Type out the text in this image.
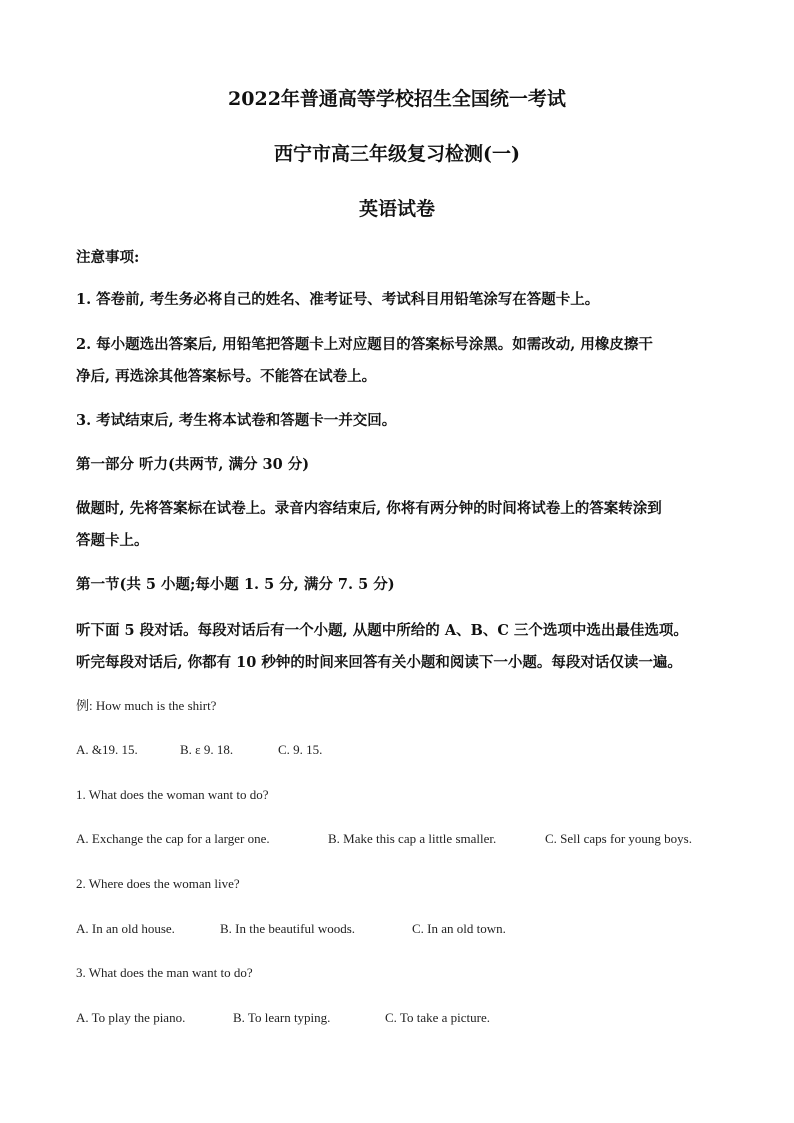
2022年普通高等学校招生全国统一考试
西宁市高三年级复习检测(一)
英语试卷
注意事项:
1. 答卷前, 考生务必将自己的姓名、准考证号、考试科目用铅笔涂写在答题卡上。
2. 每小题选出答案后, 用铅笔把答题卡上对应题目的答案标号涂黑。如需改动, 用橡皮擦干
净后, 再选涂其他答案标号。不能答在试卷上。
3. 考试结束后, 考生将本试卷和答题卡一并交回。
第一部分 听力(共两节, 满分 30 分)
做题时, 先将答案标在试卷上。录音内容结束后, 你将有两分钟的时间将试卷上的答案转涂到
答题卡上。
第一节(共 5 小题;每小题 1. 5 分, 满分 7. 5 分)
听下面 5 段对话。每段对话后有一个小题, 从题中所给的 A、B、C 三个选项中选出最佳选项。
听完每段对话后, 你都有 10 秒钟的时间来回答有关小题和阅读下一小题。每段对话仅读一遍。
例: How much is the shirt?
A. &19. 15.	B. ε 9. 18.	C. 9. 15.
1. What does the woman want to do?
A. Exchange the cap for a larger one.	B. Make this cap a little smaller.	C. Sell caps for young boys.
2. Where does the woman live?
A. In an old house.	B. In the beautiful woods.	C. In an old town.
3. What does the man want to do?
A. To play the piano.	B. To learn typing.	C. To take a picture.
